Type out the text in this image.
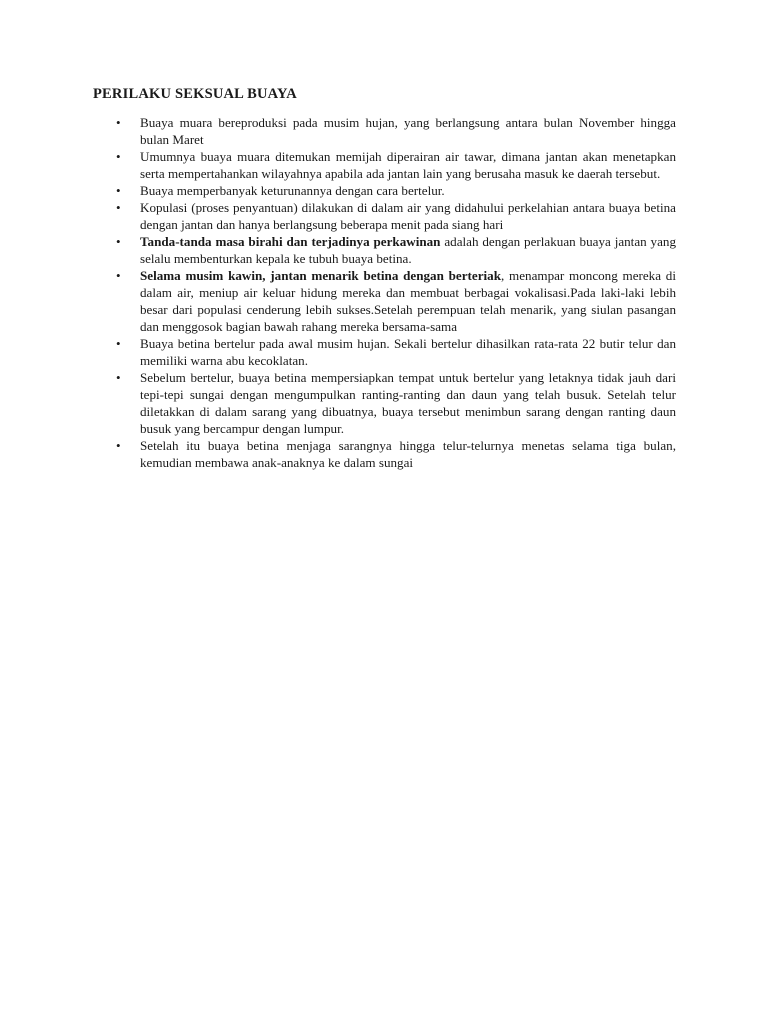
PERILAKU SEKSUAL BUAYA
•	Buaya muara bereproduksi pada musim hujan, yang berlangsung antara bulan November hingga bulan Maret
•	Umumnya buaya muara ditemukan memijah diperairan air tawar, dimana jantan akan menetapkan serta mempertahankan wilayahnya apabila ada jantan lain yang berusaha masuk ke daerah tersebut.
•	Buaya memperbanyak keturunannya dengan cara bertelur.
•	Kopulasi (proses penyantuan) dilakukan di dalam air yang didahului perkelahian antara buaya betina dengan jantan dan hanya berlangsung beberapa menit pada siang hari
•	Tanda-tanda masa birahi dan terjadinya perkawinan adalah dengan perlakuan buaya jantan yang selalu membenturkan kepala ke tubuh buaya betina.
•	Selama musim kawin, jantan menarik betina dengan berteriak, menampar moncong mereka di dalam air, meniup air keluar hidung mereka dan membuat berbagai vokalisasi.Pada laki-laki lebih besar dari populasi cenderung lebih sukses.Setelah perempuan telah menarik, yang siulan pasangan dan menggosok bagian bawah rahang mereka bersama-sama
•	Buaya betina bertelur pada awal musim hujan. Sekali bertelur dihasilkan rata-rata 22 butir telur dan memiliki warna abu kecoklatan.
•	Sebelum bertelur, buaya betina mempersiapkan tempat untuk bertelur yang letaknya tidak jauh dari tepi-tepi sungai dengan mengumpulkan ranting-ranting dan daun yang telah busuk. Setelah telur diletakkan di dalam sarang yang dibuatnya, buaya tersebut menimbun sarang dengan ranting daun busuk yang bercampur dengan lumpur.
•	Setelah itu buaya betina menjaga sarangnya hingga telur-telurnya menetas selama tiga bulan, kemudian membawa anak-anaknya ke dalam sungai
